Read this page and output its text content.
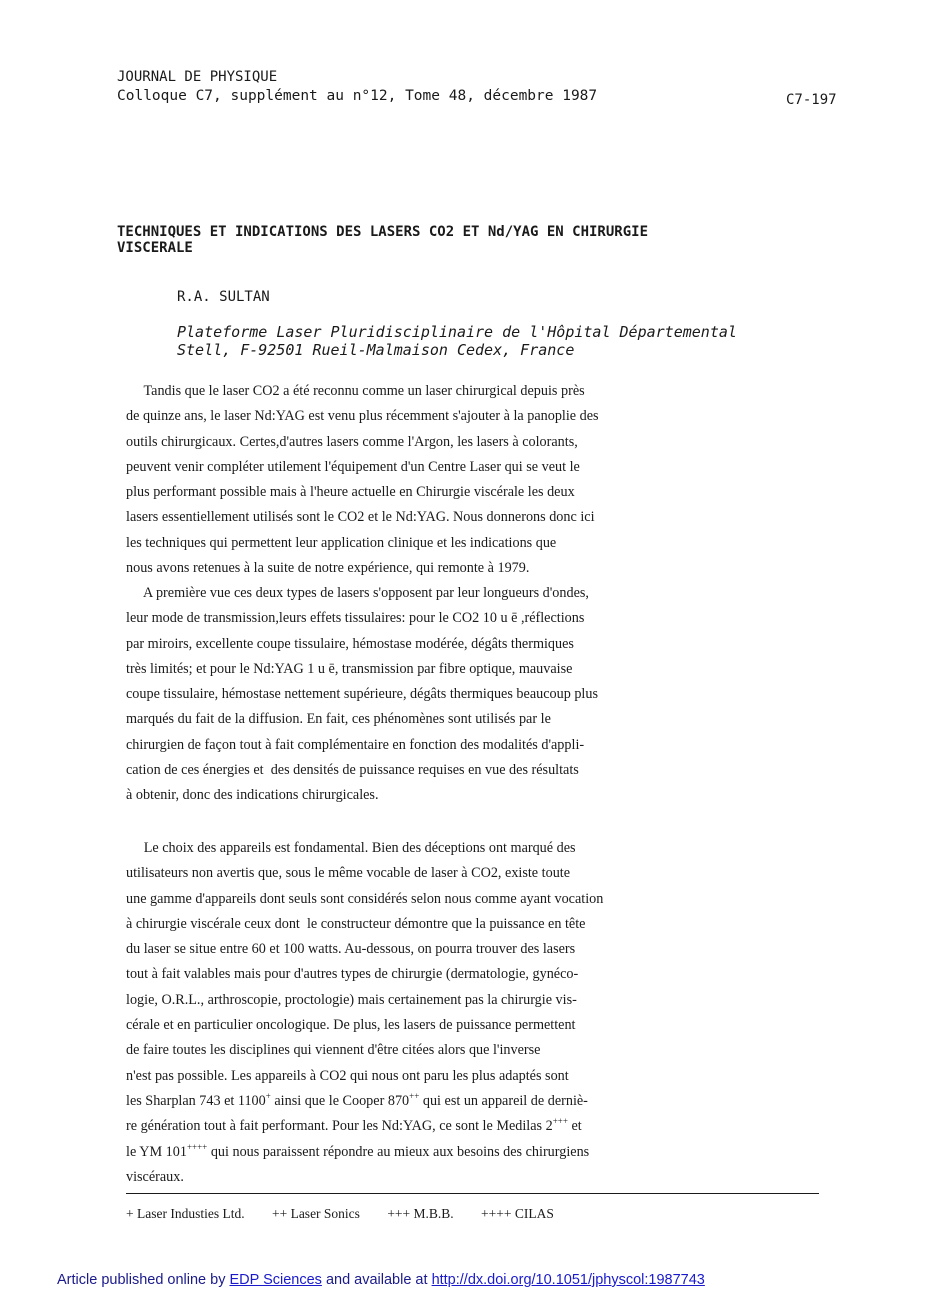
JOURNAL DE PHYSIQUE
Colloque C7, supplément au n°12, Tome 48, décembre 1987	C7-197
TECHNIQUES ET INDICATIONS DES LASERS CO2 ET Nd/YAG EN CHIRURGIE
VISCERALE
R.A. SULTAN
Plateforme Laser Pluridisciplinaire de l'Hôpital Départemental
Stell, F-92501 Rueil-Malmaison Cedex, France
Tandis que le laser CO2 a été reconnu comme un laser chirurgical depuis près
de quinze ans, le laser Nd:YAG est venu plus récemment s'ajouter à la panoplie des
outils chirurgicaux. Certes,d'autres lasers comme l'Argon, les lasers à colorants,
peuvent venir compléter utilement l'équipement d'un Centre Laser qui se veut le
plus performant possible mais à l'heure actuelle en Chirurgie viscérale les deux
lasers essentiellement utilisés sont le CO2 et le Nd:YAG. Nous donnerons donc ici
les techniques qui permettent leur application clinique et les indications que
nous avons retenues à la suite de notre expérience, qui remonte à 1979.
A première vue ces deux types de lasers s'opposent par leur longueurs d'ondes,
leur mode de transmission,leurs effets tissulaires: pour le CO2 10 u ē ,réflections
par miroirs, excellente coupe tissulaire, hémostase modérée, dégâts thermiques
très limités; et pour le Nd:YAG 1 u ē, transmission par fibre optique, mauvaise
coupe tissulaire, hémostase nettement supérieure, dégâts thermiques beaucoup plus
marqués du fait de la diffusion. En fait, ces phénomènes sont utilisés par le
chirurgien de façon tout à fait complémentaire en fonction des modalités d'appli-
cation de ces énergies et  des densités de puissance requises en vue des résultats
à obtenir, donc des indications chirurgicales.
Le choix des appareils est fondamental. Bien des déceptions ont marqué des
utilisateurs non avertis que, sous le même vocable de laser à CO2, existe toute
une gamme d'appareils dont seuls sont considérés selon nous comme ayant vocation
à chirurgie viscérale ceux dont  le constructeur démontre que la puissance en tête
du laser se situe entre 60 et 100 watts. Au-dessous, on pourra trouver des lasers
tout à fait valables mais pour d'autres types de chirurgie (dermatologie, gynéco-
logie, O.R.L., arthroscopie, proctologie) mais certainement pas la chirurgie vis-
cérale et en particulier oncologique. De plus, les lasers de puissance permettent
de faire toutes les disciplines qui viennent d'être citées alors que l'inverse
n'est pas possible. Les appareils à CO2 qui nous ont paru les plus adaptés sont
les Sharplan 743 et 1100+ ainsi que le Cooper 870++ qui est un appareil de derniè-
re génération tout à fait performant. Pour les Nd:YAG, ce sont le Medilas 2+++ et
le YM 101++++ qui nous paraissent répondre au mieux aux besoins des chirurgiens
viscéraux.
+ Laser Industies Ltd. ++ Laser Sonics +++ M.B.B. ++++ CILAS
Article published online by EDP Sciences and available at http://dx.doi.org/10.1051/jphyscol:1987743
